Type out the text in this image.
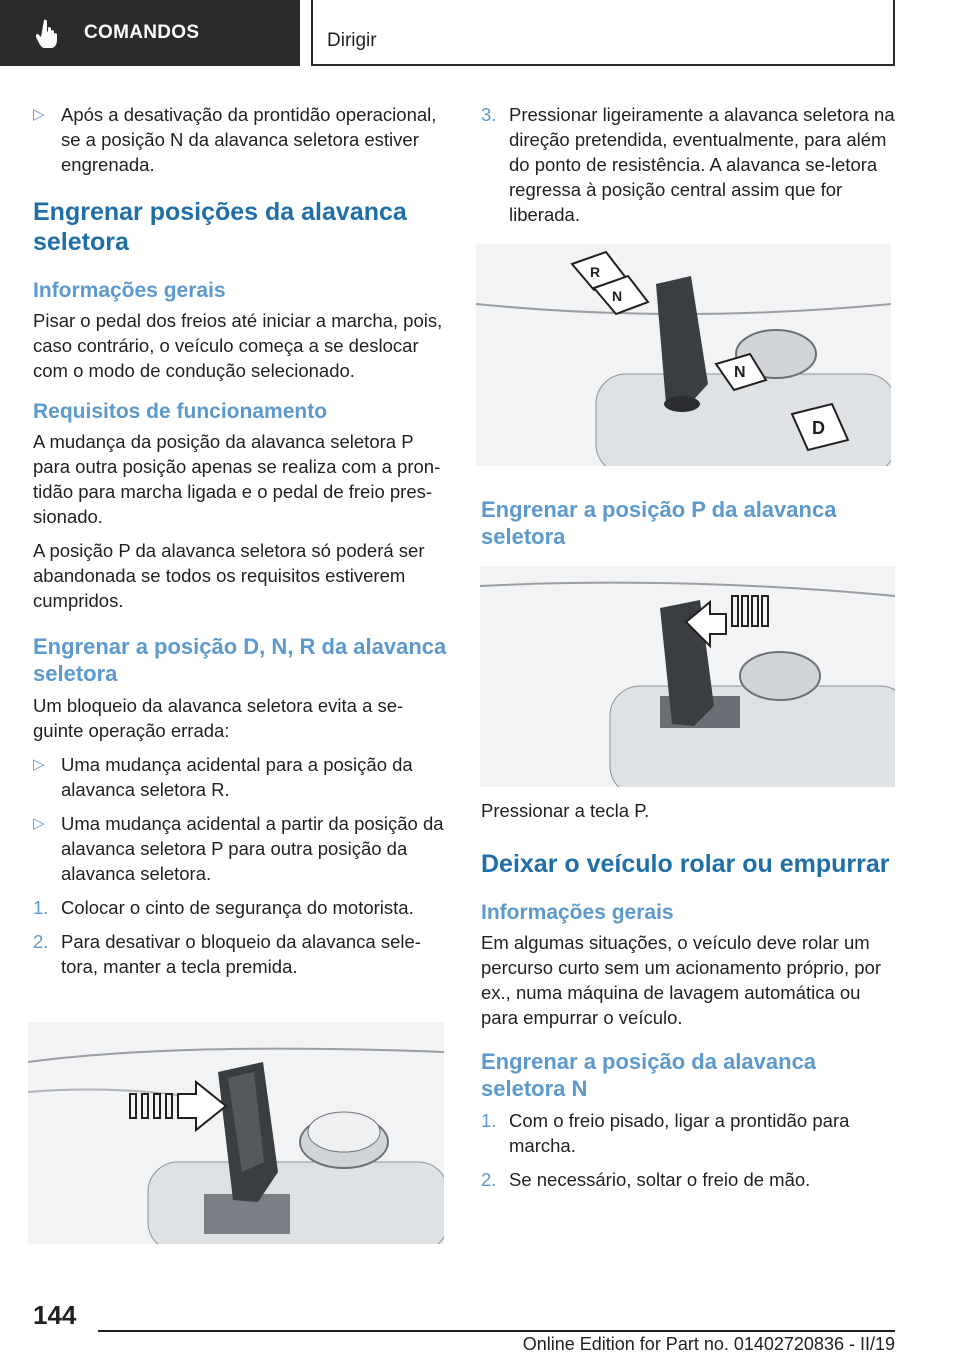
COMANDOS	Dirigir
▷ Após a desativação da prontidão operacional, se a posição N da alavanca seletora estiver engrenada.
Engrenar posições da alavanca seletora
Informações gerais

Pisar o pedal dos freios até iniciar a marcha, pois, caso contrário, o veículo começa a se deslocar com o modo de condução selecionado.

Requisitos de funcionamento

A mudança da posição da alavanca seletora P para outra posição apenas se realiza com a pron‐tidão para marcha ligada e o pedal de freio pres‐sionado.

A posição P da alavanca seletora só poderá ser abandonada se todos os requisitos estiverem cumpridos.

Engrenar a posição D, N, R da alavanca seletora

Um bloqueio da alavanca seletora evita a se‐guinte operação errada:

▷ Uma mudança acidental para a posição da alavanca seletora R.
▷ Uma mudança acidental a partir da posição da alavanca seletora P para outra posição da alavanca seletora.
1. Colocar o cinto de segurança do motorista.
2. Para desativar o bloqueio da alavanca sele‐tora, manter a tecla premida.
3. Pressionar ligeiramente a alavanca seletora na direção pretendida, eventualmente, para além do ponto de resistência. A alavanca se‐letora regressa à posição central assim que for liberada.
R
N
N
D
Engrenar a posição P da alavanca seletora

Pressionar a tecla P.

Deixar o veículo rolar ou empurrar
Informações gerais

Em algumas situações, o veículo deve rolar um percurso curto sem um acionamento próprio, por ex., numa máquina de lavagem automática ou para empurrar o veículo.

Engrenar a posição da alavanca seletora N
1. Com o freio pisado, ligar a prontidão para marcha.
2. Se necessário, soltar o freio de mão.
144
Online Edition for Part no. 01402720836 - II/19
